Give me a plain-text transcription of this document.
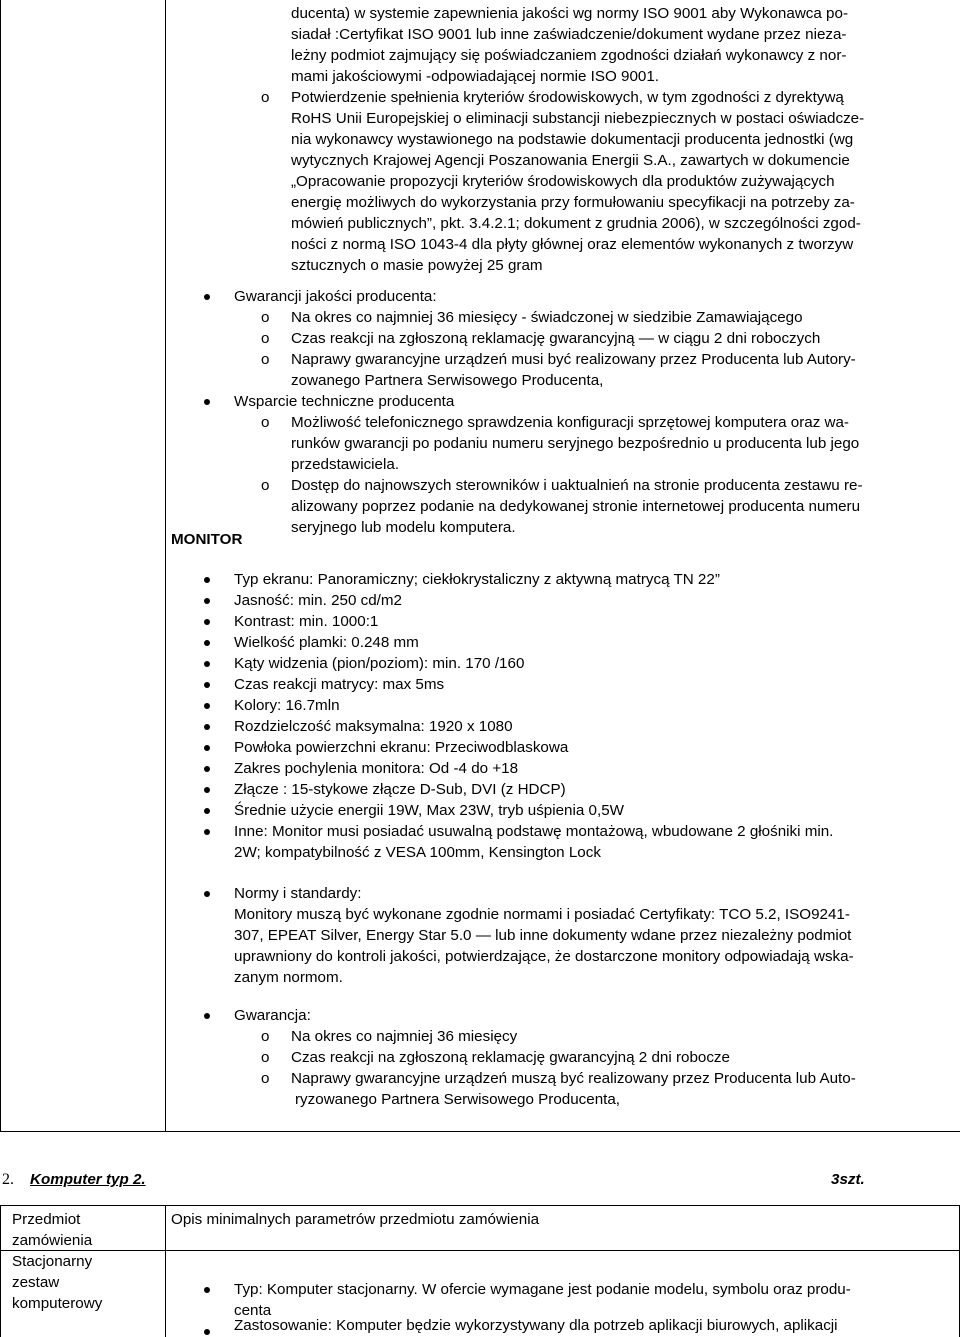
ducenta) w systemie zapewnienia jakości wg normy ISO 9001 aby Wykonawca po-
siadał :Certyfikat ISO 9001 lub inne zaświadczenie/dokument wydane przez nieza-
leżny podmiot zajmujący się poświadczaniem zgodności działań wykonawcy z nor-
mami jakościowymi -odpowiadającej normie ISO 9001.
o Potwierdzenie spełnienia kryteriów środowiskowych, w tym zgodności z dyrektywą
RoHS Unii Europejskiej o eliminacji substancji niebezpiecznych w postaci oświadcze-
nia wykonawcy wystawionego na podstawie dokumentacji producenta jednostki (wg
wytycznych Krajowej Agencji Poszanowania Energii S.A., zawartych w dokumencie
„Opracowanie propozycji kryteriów środowiskowych dla produktów zużywających
energię możliwych do wykorzystania przy formułowaniu specyfikacji na potrzeby za-
mówień publicznych”, pkt. 3.4.2.1; dokument z grudnia 2006), w szczególności zgod-
ności z normą ISO 1043-4 dla płyty głównej oraz elementów wykonanych z tworzyw
sztucznych o masie powyżej 25 gram
Gwarancji jakości producenta:
o Na okres co najmniej 36 miesięcy - świadczonej w siedzibie Zamawiającego
o Czas reakcji na zgłoszoną reklamację gwarancyjną — w ciągu 2 dni roboczych
o Naprawy gwarancyjne urządzeń musi być realizowany przez Producenta lub Autory-
zowanego Partnera Serwisowego Producenta,
Wsparcie techniczne producenta
o Możliwość telefonicznego sprawdzenia konfiguracji sprzętowej komputera oraz wa-
runków gwarancji po podaniu numeru seryjnego bezpośrednio u producenta lub jego
przedstawiciela.
o Dostęp do najnowszych sterowników i uaktualnień na stronie producenta zestawu re-
alizowany poprzez podanie na dedykowanej stronie internetowej producenta numeru
seryjnego lub modelu komputera.
MONITOR
Typ ekranu: Panoramiczny; ciekłokrystaliczny z aktywną matrycą TN 22”
Jasność: min. 250 cd/m2
Kontrast: min. 1000:1
Wielkość plamki: 0.248 mm
Kąty widzenia (pion/poziom): min. 170 /160
Czas reakcji matrycy: max 5ms
Kolory: 16.7mln
Rozdzielczość maksymalna: 1920 x 1080
Powłoka powierzchni ekranu: Przeciwodblaskowa
Zakres pochylenia monitora: Od -4 do +18
Złącze : 15-stykowe złącze D-Sub, DVI (z HDCP)
Średnie użycie energii 19W, Max 23W, tryb uśpienia 0,5W
Inne: Monitor musi posiadać usuwalną podstawę montażową, wbudowane 2 głośniki min.
2W; kompatybilność z VESA 100mm, Kensington Lock
Normy i standardy:
Monitory muszą być wykonane zgodnie normami i posiadać Certyfikaty: TCO 5.2, ISO9241-
307, EPEAT Silver, Energy Star 5.0 — lub inne dokumenty wdane przez niezależny podmiot
uprawniony do kontroli jakości, potwierdzające, że dostarczone monitory odpowiadają wska-
zanym normom.
Gwarancja:
o Na okres co najmniej 36 miesięcy
o Czas reakcji na zgłoszoną reklamację gwarancyjną 2 dni robocze
o Naprawy gwarancyjne urządzeń muszą być realizowany przez Producenta lub Auto-
ryzowanego Partnera Serwisowego Producenta,
2. Komputer typ 2.	3szt.
Przedmiot
zamówienia
Opis minimalnych parametrów przedmiotu zamówienia
Stacjonarny
zestaw
komputerowy
Typ: Komputer stacjonarny. W ofercie wymagane jest podanie modelu, symbolu oraz produ-
centa
Zastosowanie: Komputer będzie wykorzystywany dla potrzeb aplikacji biurowych, aplikacji
